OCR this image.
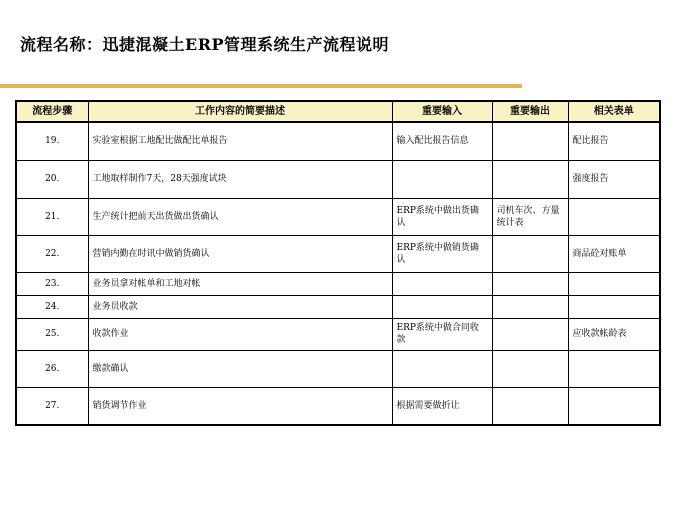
流程名称：迅捷混凝土ERP管理系统生产流程说明
流程步骤	工作内容的简要描述	重要输入	重要输出	相关表单
19.	实验室根据工地配比做配比单报告	输入配比报告信息		配比报告
20.	工地取样制作7天，28天强度试块			强度报告
21.	生产统计把前天出货做出货确认	ERP系统中做出货确认	司机车次、方量统计表	
22.	营销内勤在时讯中做销货确认	ERP系统中做销货确认		商品砼对账单
23.	业务员拿对帐单和工地对帐			
24.	业务员收款			
25.	收款作业	ERP系统中做合同收款		应收款帐龄表
26.	缴款确认			
27.	销货调节作业	根据需要做折让		
